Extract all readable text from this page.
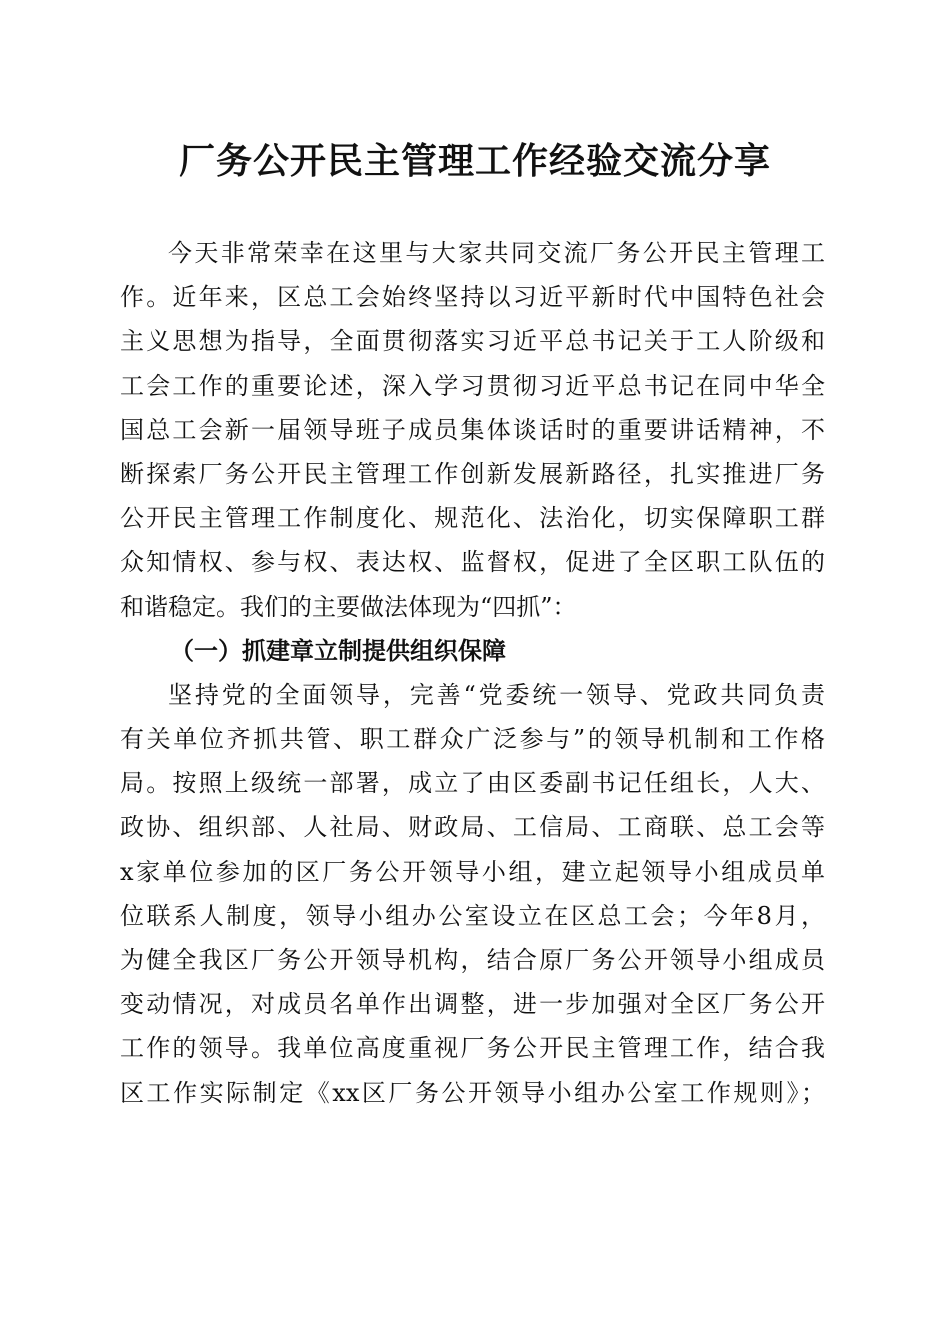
厂务公开民主管理工作经验交流分享
今天非常荣幸在这里与大家共同交流厂务公开民主管理工
作。近年来，区总工会始终坚持以习近平新时代中国特色社会
主义思想为指导，全面贯彻落实习近平总书记关于工人阶级和
工会工作的重要论述，深入学习贯彻习近平总书记在同中华全
国总工会新一届领导班子成员集体谈话时的重要讲话精神，不
断探索厂务公开民主管理工作创新发展新路径，扎实推进厂务
公开民主管理工作制度化、规范化、法治化，切实保障职工群
众知情权、参与权、表达权、监督权，促进了全区职工队伍的
和谐稳定。我们的主要做法体现为“四抓”：
（一）抓建章立制提供组织保障
坚持党的全面领导，完善“党委统一领导、党政共同负责
有关单位齐抓共管、职工群众广泛参与”的领导机制和工作格
局。按照上级统一部署，成立了由区委副书记任组长，人大、
政协、组织部、人社局、财政局、工信局、工商联、总工会等
x家单位参加的区厂务公开领导小组，建立起领导小组成员单
位联系人制度，领导小组办公室设立在区总工会；今年8月，
为健全我区厂务公开领导机构，结合原厂务公开领导小组成员
变动情况，对成员名单作出调整，进一步加强对全区厂务公开
工作的领导。我单位高度重视厂务公开民主管理工作，结合我
区工作实际制定《xx区厂务公开领导小组办公室工作规则》；
